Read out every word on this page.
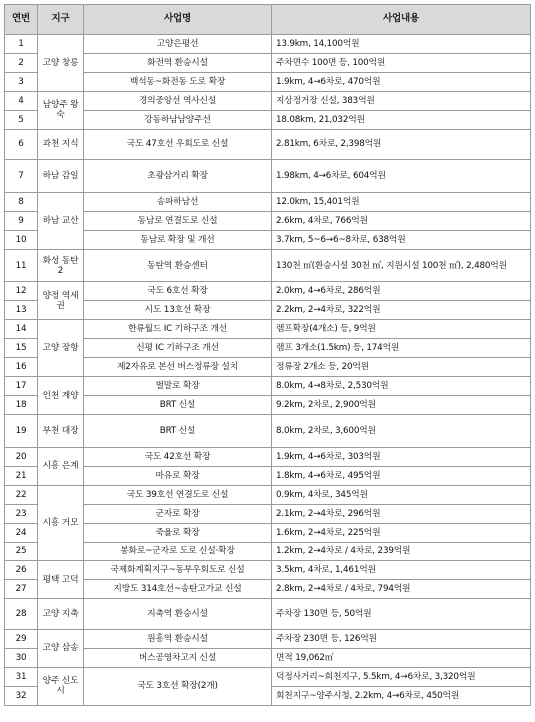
연번	지구	사업명	사업내용
1	고양 창릉	고양은평선	13.9km, 14,100억원
2		화전역 환승시설	주차면수 100면 등, 100억원
3		백석동~화전동 도로 확장	1.9km, 4→6차로, 470억원
4	남양주 왕숙	경의중앙선 역사신설	지상정거장 신설, 383억원
5		강동하남남양주선	18.08km, 21,032억원
6	과천 지식	국도 47호선 우회도로 신설	2.81km, 6차로, 2,398억원
7	하남 감일	초광삼거리 확장	1.98km, 4→6차로, 604억원
8	하남 교산	송파하남선	12.0km, 15,401억원
9		동남로 연결도로 신설	2.6km, 4차로, 766억원
10		동남로 확장 및 개선	3.7km, 5~6→6~8차로, 638억원
11	화성 동탄2	동탄역 환승센터	130천 ㎡(환승시설 30천 ㎡, 지원시설 100천 ㎡), 2,480억원
12	양정 역세권	국도 6호선 확장	2.0km, 4→6차로, 286억원
13		시도 13호선 확장	2.2km, 2→4차로, 322억원
14	고양 장항	한류월드 IC 기하구조 개선	램프확장(4개소) 등, 9억원
15		신평 IC 기하구조 개선	램프 3개소(1.5km) 등, 174억원
16		제2자유로 본선 버스정류장 설치	정류장 2개소 등, 20억원
17	인천 계양	벌말로 확장	8.0km, 4→8차로, 2,530억원
18		BRT 신설	9.2km, 2차로, 2,900억원
19	부천 대장	BRT 신설	8.0km, 2차로, 3,600억원
20	시흥 은계	국도 42호선 확장	1.9km, 4→6차로, 303억원
21		마유로 확장	1.8km, 4→6차로, 495억원
22	시흥 거모	국도 39호선 연결도로 신설	0.9km, 4차로, 345억원
23		군자로 확장	2.1km, 2→4차로, 296억원
24		죽율로 확장	1.6km, 2→4차로, 225억원
25		봉화로~군자로 도로 신설·확장	1.2km, 2→4차로 / 4차로, 239억원
26	평택 고덕	국제화계획지구~동부우회도로 신설	3.5km, 4차로, 1,461억원
27		지방도 314호선~송탄고가교 신설	2.8km, 2→4차로 / 4차로, 794억원
28	고양 지축	지축역 환승시설	주차장 130면 등, 50억원
29	고양 삼송	원흥역 환승시설	주차장 230면 등, 126억원
30		버스공영차고지 신설	면적 19,062㎡
31	양주 신도시	국도 3호선 확장(2개)	덕정사거리~회천지구, 5.5km, 4→6차로, 3,320억원
32			회천지구~양주시청, 2.2km, 4→6차로, 450억원
